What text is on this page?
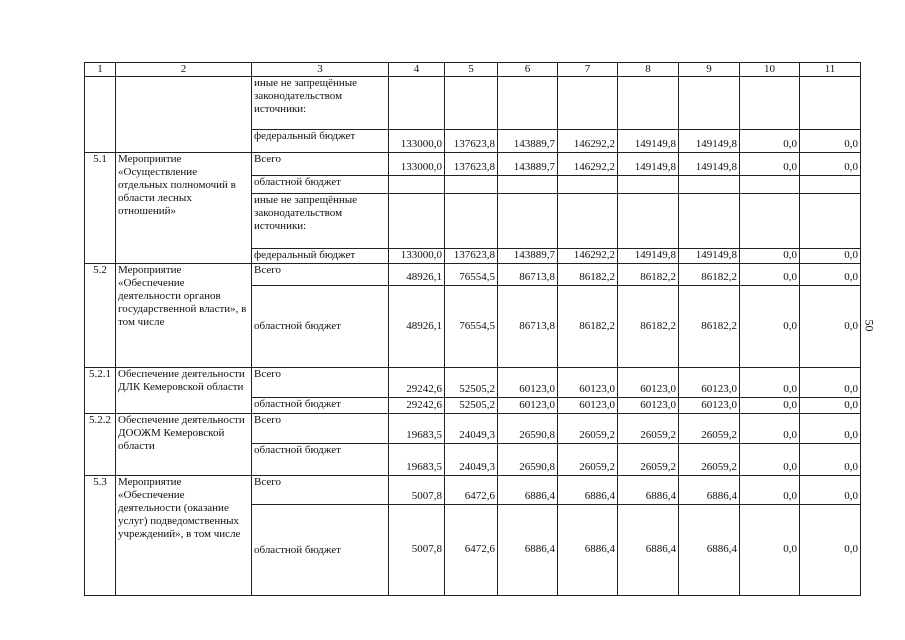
1	2	3	4	5	6	7	8	9	10	11
		иные не запрещённые законодательством источники:								
		федеральный бюджет	133000,0	137623,8	143889,7	146292,2	149149,8	149149,8	0,0	0,0
5.1	Мероприятие «Осуществление отдельных полномочий в области лесных отношений»	Всего	133000,0	137623,8	143889,7	146292,2	149149,8	149149,8	0,0	0,0
		областной бюджет								
		иные не запрещённые законодательством источники:								
		федеральный бюджет	133000,0	137623,8	143889,7	146292,2	149149,8	149149,8	0,0	0,0
5.2	Мероприятие «Обеспечение деятельности органов государственной власти», в том числе	Всего	48926,1	76554,5	86713,8	86182,2	86182,2	86182,2	0,0	0,0
		областной бюджет	48926,1	76554,5	86713,8	86182,2	86182,2	86182,2	0,0	0,0
5.2.1	Обеспечение деятельности ДЛК Кемеровской области	Всего	29242,6	52505,2	60123,0	60123,0	60123,0	60123,0	0,0	0,0
		областной бюджет	29242,6	52505,2	60123,0	60123,0	60123,0	60123,0	0,0	0,0
5.2.2	Обеспечение деятельности ДООЖМ Кемеровской области	Всего	19683,5	24049,3	26590,8	26059,2	26059,2	26059,2	0,0	0,0
		областной бюджет	19683,5	24049,3	26590,8	26059,2	26059,2	26059,2	0,0	0,0
5.3	Мероприятие «Обеспечение деятельности (оказание услуг) подведомственных учреждений», в том числе	Всего	5007,8	6472,6	6886,4	6886,4	6886,4	6886,4	0,0	0,0
		областной бюджет	5007,8	6472,6	6886,4	6886,4	6886,4	6886,4	0,0	0,0
50
